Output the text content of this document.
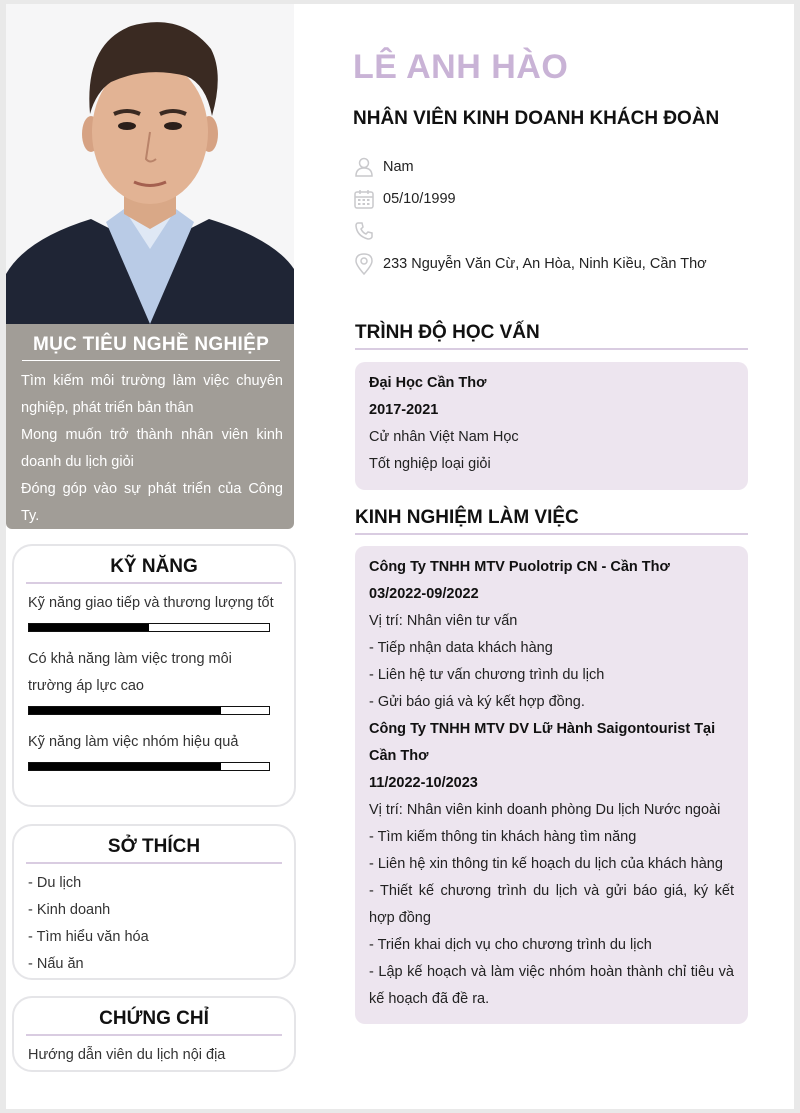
MỤC TIÊU NGHỀ NGHIỆP
Tìm kiếm môi trường làm việc chuyên nghiệp, phát triển bản thân
Mong muốn trở thành nhân viên kinh doanh du lịch giỏi
Đóng góp vào sự phát triển của Công Ty.
KỸ NĂNG
Kỹ năng giao tiếp và thương lượng tốt
Có khả năng làm việc trong môi trường áp lực cao
Kỹ năng làm việc nhóm hiệu quả
SỞ THÍCH
- Du lịch
- Kinh doanh
- Tìm hiểu văn hóa
- Nấu ăn
CHỨNG CHỈ
Hướng dẫn viên du lịch nội địa
LÊ ANH HÀO
NHÂN VIÊN KINH DOANH KHÁCH ĐOÀN
Nam
05/10/1999
233 Nguyễn Văn Cừ, An Hòa, Ninh Kiều, Cần Thơ
TRÌNH ĐỘ HỌC VẤN
Đại Học Cần Thơ
2017-2021
Cử nhân Việt Nam Học
Tốt nghiệp loại giỏi
KINH NGHIỆM LÀM VIỆC
Công Ty TNHH MTV Puolotrip CN - Cần Thơ
03/2022-09/2022
Vị trí: Nhân viên tư vấn
- Tiếp nhận data khách hàng
- Liên hệ tư vấn chương trình du lịch
- Gửi báo giá và ký kết hợp đồng.
Công Ty TNHH MTV DV Lữ Hành Saigontourist Tại Cần Thơ
11/2022-10/2023
Vị trí: Nhân viên kinh doanh phòng Du lịch Nước ngoài
- Tìm kiếm thông tin khách hàng tìm năng
- Liên hệ xin thông tin kế hoạch du lịch của khách hàng
- Thiết kế chương trình du lịch và gửi báo giá, ký kết hợp đồng
- Triển khai dịch vụ cho chương trình du lịch
- Lập kế hoạch và làm việc nhóm hoàn thành chỉ tiêu và kế hoạch đã đề ra.
